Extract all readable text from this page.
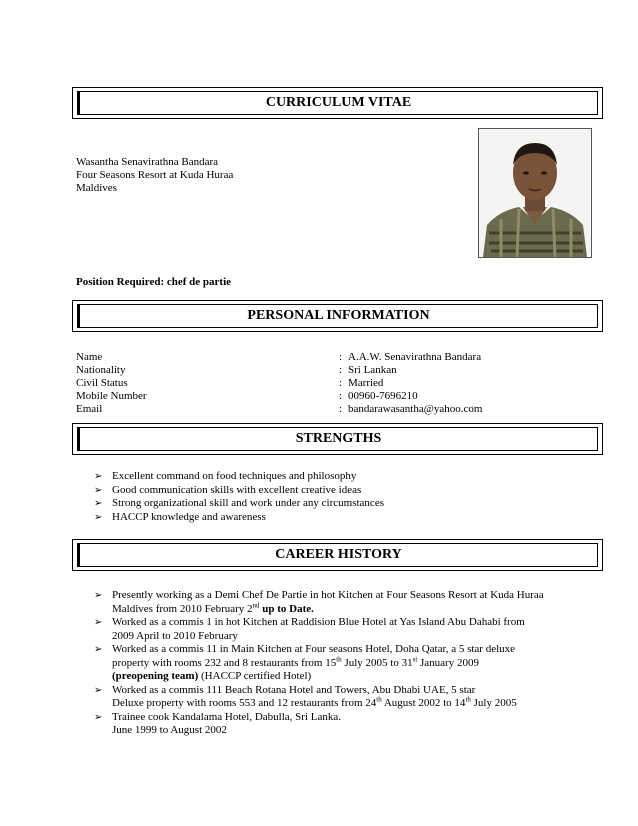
CURRICULUM VITAE
Wasantha Senavirathna Bandara
Four Seasons Resort at Kuda Huraa
Maldives
Position Required: chef de partie
PERSONAL INFORMATION
Name	: A.A.W. Senavirathna Bandara
Nationality	: Sri Lankan
Civil Status	: Married
Mobile Number	: 00960-7696210
Email	: bandarawasantha@yahoo.com
STRENGTHS
➢ Excellent command on food techniques and philosophy
➢ Good communication skills with excellent creative ideas
➢ Strong organizational skill and work under any circumstances
➢ HACCP knowledge and awareness
CAREER HISTORY
➢ Presently working as a Demi Chef De Partie in hot Kitchen at Four Seasons Resort at Kuda Huraa
Maldives from 2010 February 2nd up to Date.
➢ Worked as a commis 1 in hot Kitchen at Raddision Blue Hotel at Yas Island Abu Dahabi from
2009 April to 2010 February
➢ Worked as a commis 11 in Main Kitchen at Four seasons Hotel, Doha Qatar, a 5 star deluxe
property with rooms 232 and 8 restaurants from 15th July 2005 to 31st January 2009
(preopening team) (HACCP certified Hotel)
➢ Worked as a commis 111 Beach Rotana Hotel and Towers, Abu Dhabi UAE, 5 star
Deluxe property with rooms 553 and 12 restaurants from 24th August 2002 to 14th July 2005
➢ Trainee cook Kandalama Hotel, Dabulla, Sri Lanka.
June 1999 to August 2002
